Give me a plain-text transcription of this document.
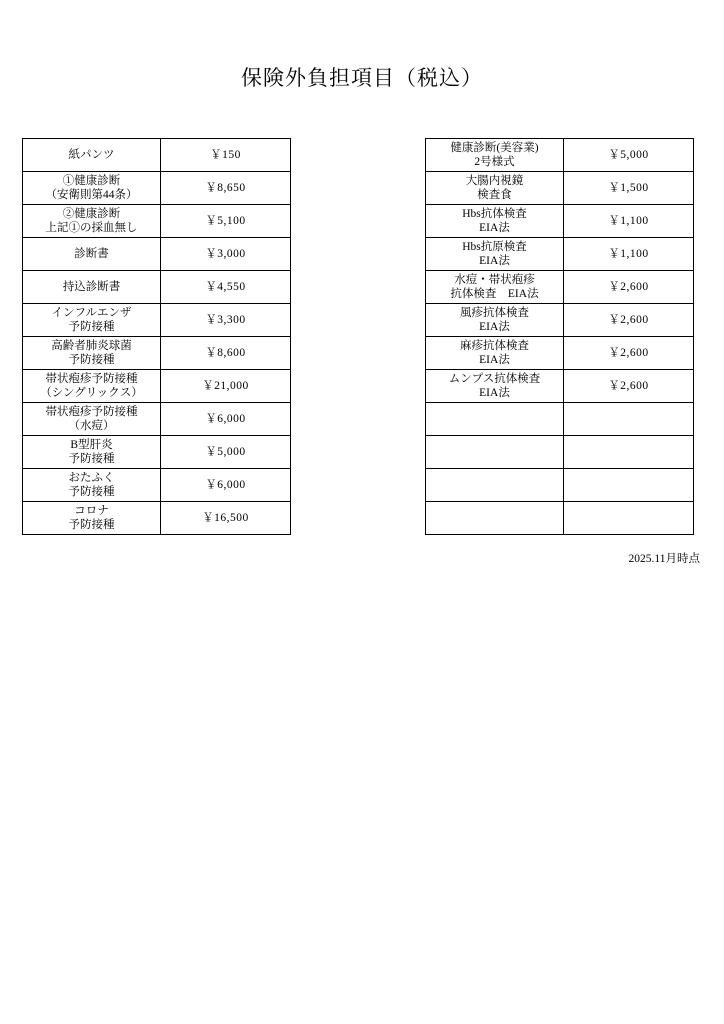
保険外負担項目（税込）
紙パンツ	￥150

①健康診断
（安衛則第44条）	￥8,650

②健康診断
上記①の採血無し	￥5,100

診断書	￥3,000

持込診断書	￥4,550

インフルエンザ
予防接種	￥3,300

高齢者肺炎球菌
予防接種	￥8,600

帯状疱疹予防接種
（シングリックス）	￥21,000

帯状疱疹予防接種
（水痘）	￥6,000

B型肝炎
予防接種	￥5,000

おたふく
予防接種	￥6,000

コロナ
予防接種	￥16,500
健康診断(美容業)
2号様式	￥5,000

大腸内視鏡
検査食	￥1,500

Hbs抗体検査
EIA法	￥1,100

Hbs抗原検査
EIA法	￥1,100

水痘・帯状疱疹
抗体検査　EIA法	￥2,600

風疹抗体検査
EIA法	￥2,600

麻疹抗体検査
EIA法	￥2,600

ムンプス抗体検査
EIA法	￥2,600

2025.11月時点
